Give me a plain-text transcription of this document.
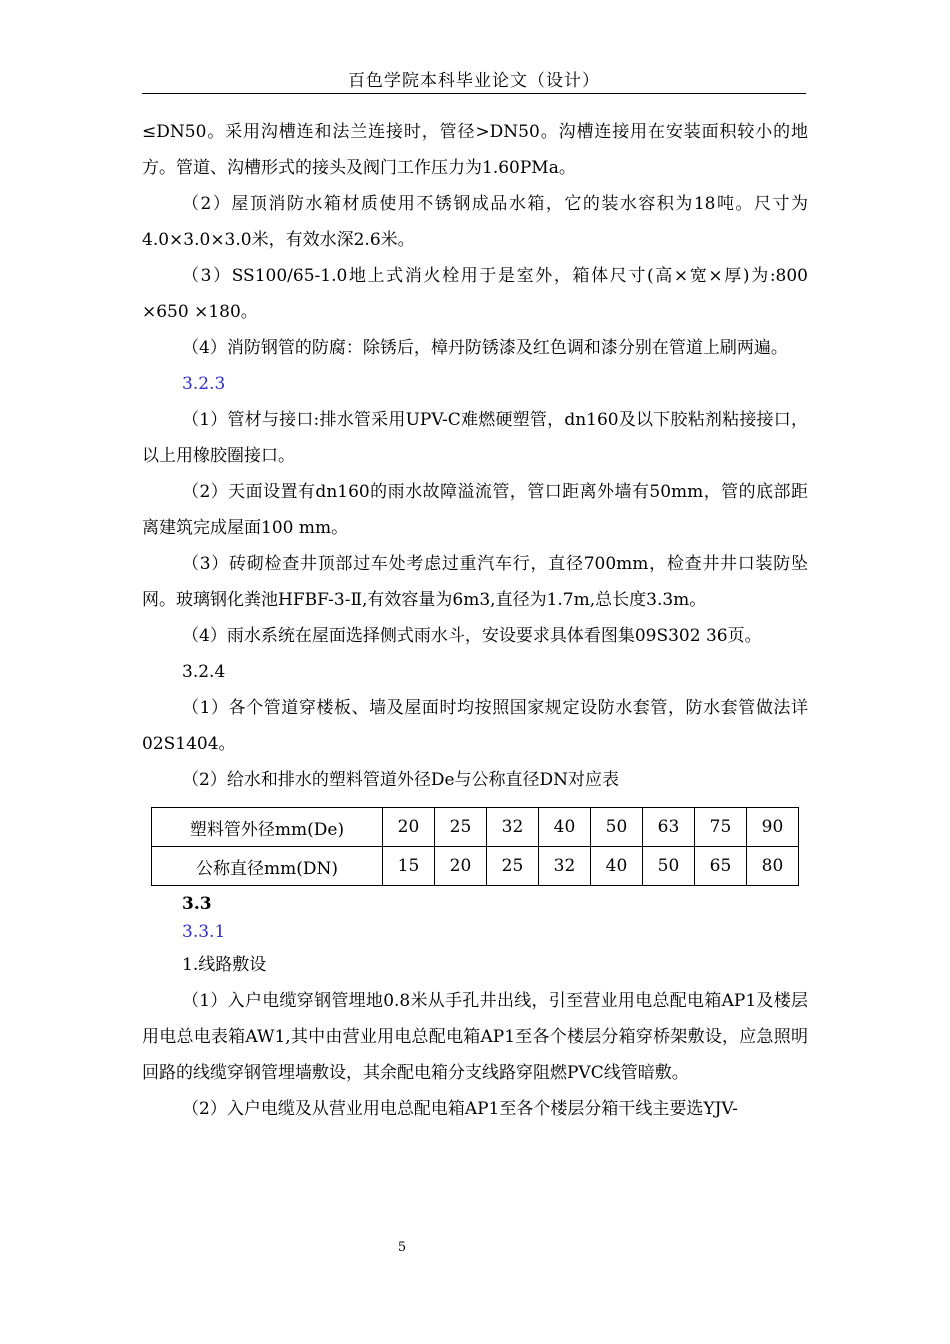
百色学院本科毕业论文（设计）

≤DN50。采用沟槽连和法兰连接时，管径>DN50。沟槽连接用在安装面积较小的地方。管道、沟槽形式的接头及阀门工作压力为1.60PMa。

（2）屋顶消防水箱材质使用不锈钢成品水箱，它的装水容积为18吨。尺寸为4.0×3.0×3.0米，有效水深2.6米。

（3）SS100/65-1.0地上式消火栓用于是室外，箱体尺寸(高×宽×厚)为:800 ×650 ×180。

（4）消防钢管的防腐：除锈后，樟丹防锈漆及红色调和漆分别在管道上刷两遍。

3.2.3

（1）管材与接口:排水管采用UPV-C难燃硬塑管，dn160及以下胶粘剂粘接接口，以上用橡胶圈接口。

（2）天面设置有dn160的雨水故障溢流管，管口距离外墙有50mm，管的底部距离建筑完成屋面100 mm。

（3）砖砌检查井顶部过车处考虑过重汽车行，直径700mm，检查井井口装防坠网。玻璃钢化粪池HFBF-3-Ⅱ,有效容量为6m3,直径为1.7m,总长度3.3m。

（4）雨水系统在屋面选择侧式雨水斗，安设要求具体看图集09S302 36页。

3.2.4

（1）各个管道穿楼板、墙及屋面时均按照国家规定设防水套管，防水套管做法详02S1404。

（2）给水和排水的塑料管道外径De与公称直径DN对应表

塑料管外径mm(De)	20	25	32	40	50	63	75	90
公称直径mm(DN)	15	20	25	32	40	50	65	80

3.3

3.3.1

1.线路敷设

（1）入户电缆穿钢管埋地0.8米从手孔井出线，引至营业用电总配电箱AP1及楼层用电总电表箱AW1,其中由营业用电总配电箱AP1至各个楼层分箱穿桥架敷设，应急照明回路的线缆穿钢管埋墙敷设，其余配电箱分支线路穿阻燃PVC线管暗敷。

（2）入户电缆及从营业用电总配电箱AP1至各个楼层分箱干线主要选YJV-

5
